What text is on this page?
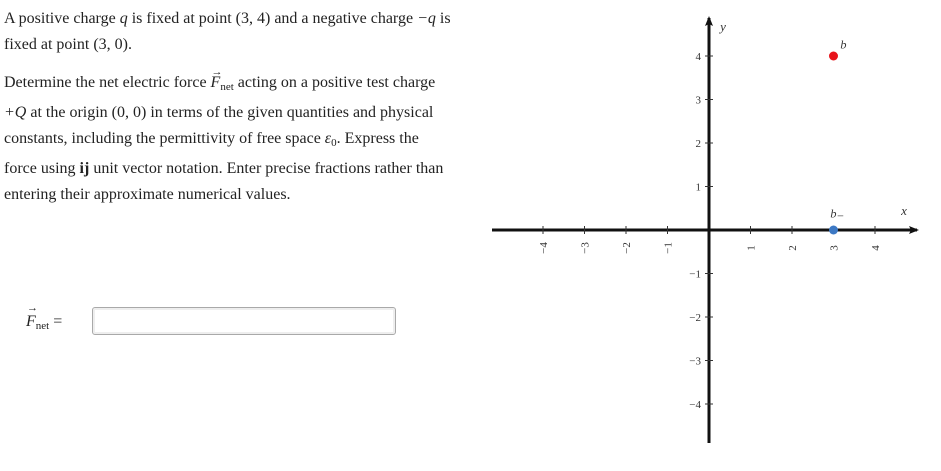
A positive charge q is fixed at point (3, 4) and a negative charge −q is fixed at point (3, 0).

Determine the net electric force → $F_{net}$ acting on a positive test charge +Q at the origin (0, 0) in terms of the given quantities and physical constants, including the permittivity of free space $\varepsilon_0$. Express the force using ij unit vector notation. Enter precise fractions rather than entering their approximate numerical values.

→ $F_{net}$ =
x
y
−4
−4
−3
−3
−2
−2
−1
−1
1
1
2
2
3
3
4
4
q
−q
